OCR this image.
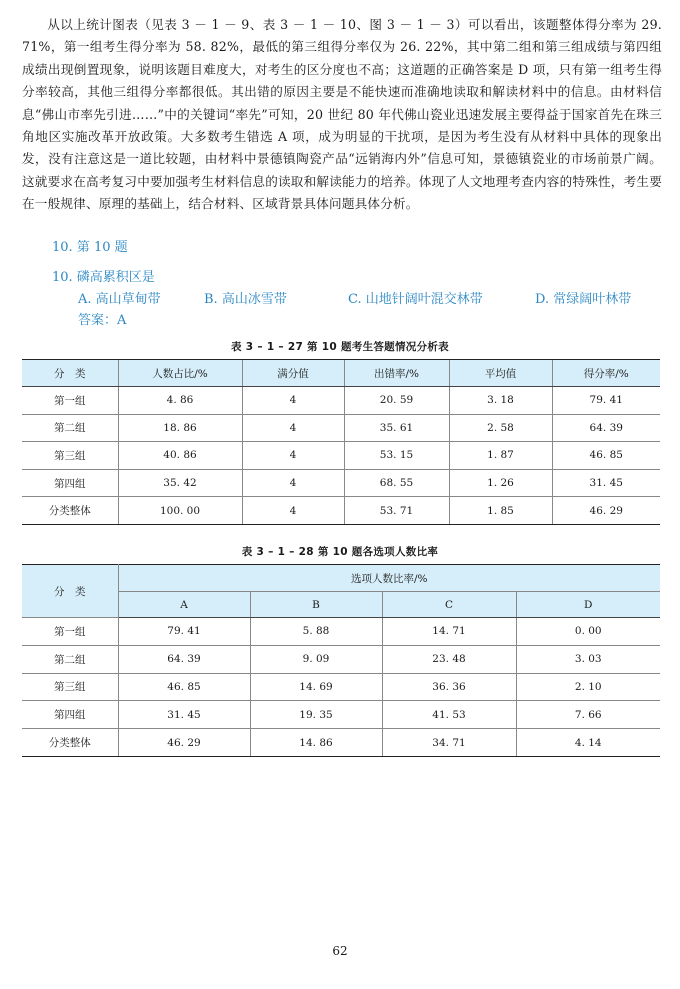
从以上统计图表（见表 3 － 1 － 9、表 3 － 1 － 10、图 3 － 1 － 3）可以看出，该题整体得分率为 29. 71%，第一组考生得分率为 58. 82%，最低的第三组得分率仅为 26. 22%，其中第二组和第三组成绩与第四组成绩出现倒置现象，说明该题目难度大，对考生的区分度也不高；这道题的正确答案是 D 项，只有第一组考生得分率较高，其他三组得分率都很低。其出错的原因主要是不能快速而准确地读取和解读材料中的信息。由材料信息“佛山市率先引进……”中的关键词“率先”可知，20 世纪 80 年代佛山瓷业迅速发展主要得益于国家首先在珠三角地区实施改革开放政策。大多数考生错选 A 项，成为明显的干扰项，是因为考生没有从材料中具体的现象出发，没有注意这是一道比较题，由材料中景德镇陶瓷产品“远销海内外”信息可知，景德镇瓷业的市场前景广阔。这就要求在高考复习中要加强考生材料信息的读取和解读能力的培养。体现了人文地理考查内容的特殊性，考生要在一般规律、原理的基础上，结合材料、区域背景具体问题具体分析。

10. 第 10 题
10. 磷高累积区是
A. 高山草甸带	B. 高山冰雪带	C. 山地针阔叶混交林带	D. 常绿阔叶林带
答案：A
表 3 – 1 – 27 第 10 题考生答题情况分析表
分　类	人数占比/%	满分值	出错率/%	平均值	得分率/%
第一组	4. 86	4	20. 59	3. 18	79. 41
第二组	18. 86	4	35. 61	2. 58	64. 39
第三组	40. 86	4	53. 15	1. 87	46. 85
第四组	35. 42	4	68. 55	1. 26	31. 45
分类整体	100. 00	4	53. 71	1. 85	46. 29
表 3 – 1 – 28 第 10 题各选项人数比率
分　类	选项人数比率/%			
	A	B	C	D
第一组	79. 41	5. 88	14. 71	0. 00
第二组	64. 39	9. 09	23. 48	3. 03
第三组	46. 85	14. 69	36. 36	2. 10
第四组	31. 45	19. 35	41. 53	7. 66
分类整体	46. 29	14. 86	34. 71	4. 14
62
